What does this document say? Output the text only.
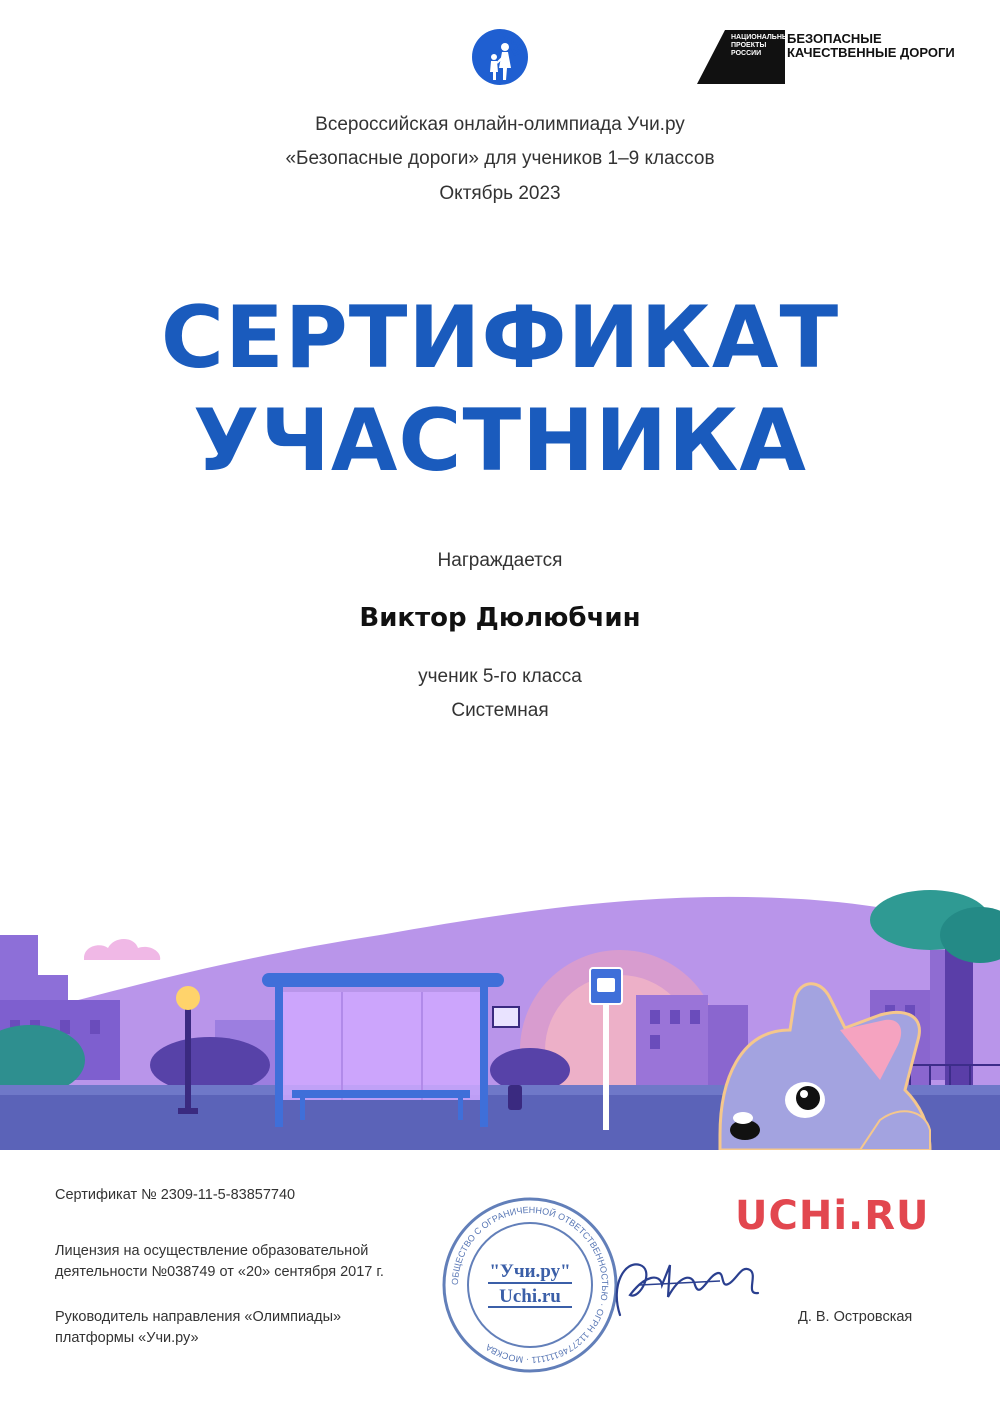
НАЦИОНАЛЬНЫЕ ПРОЕКТЫ РОССИИ
БЕЗОПАСНЫЕ
КАЧЕСТВЕННЫЕ ДОРОГИ
Всероссийская онлайн-олимпиада Учи.ру
«Безопасные дороги» для учеников 1–9 классов
Октябрь 2023
СЕРТИФИКАТ
УЧАСТНИКА
Награждается
Виктор Дюлюбчин
ученик 5-го класса
Системная
Сертификат № 2309-11-5-83857740
Лицензия на осуществление образовательной
деятельности №038749 от «20» сентября 2017 г.
Руководитель направления «Олимпиады»
платформы «Учи.ру»
ОБЩЕСТВО С ОГРАНИЧЕННОЙ ОТВЕТСТВЕННОСТЬЮ · ОГРН 1127746111111 · МОСКВА
"Учи.ру"
Uchi.ru
Д. В. Островская
UCHi.RU
